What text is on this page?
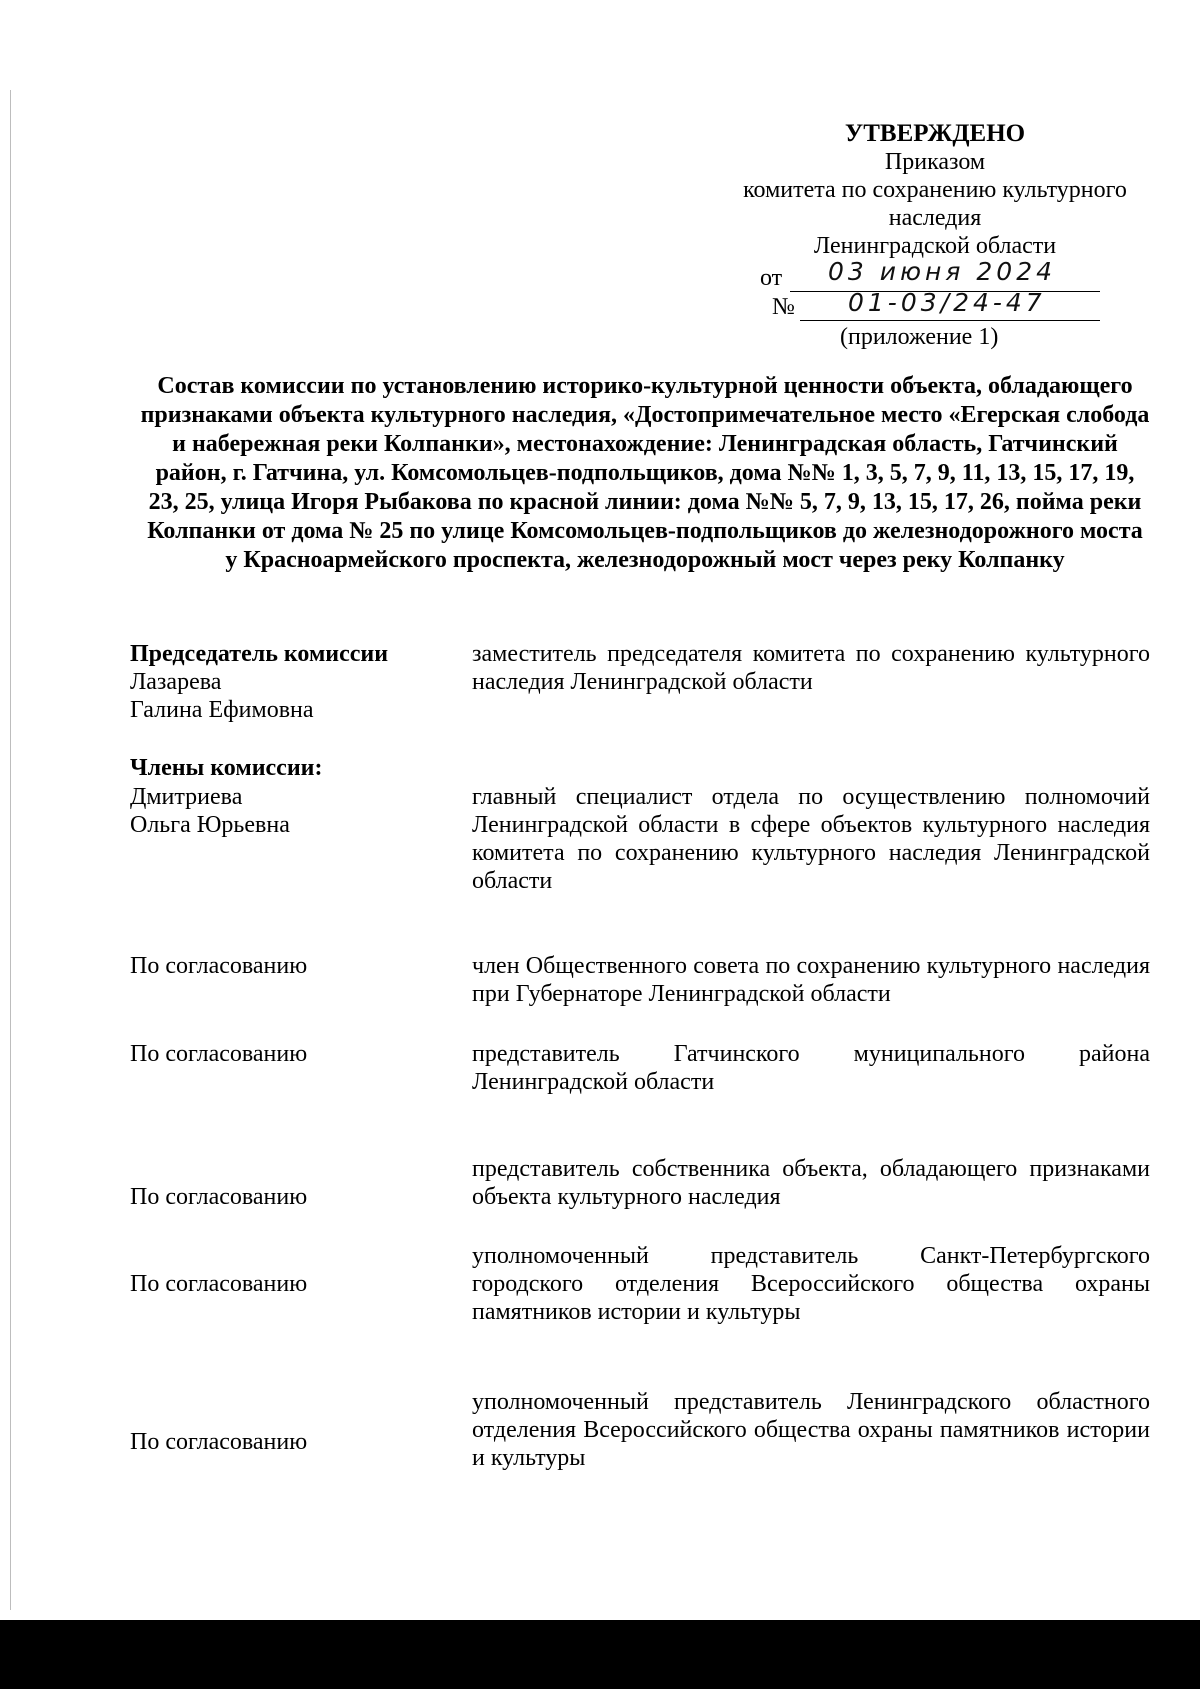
УТВЕРЖДЕНО
Приказом
комитета по сохранению культурного
наследия
Ленинградской области
от 03 июня 2024
№ 01-03/24-47
(приложение 1)
Состав комиссии по установлению историко-культурной ценности объекта, обладающего признаками объекта культурного наследия, «Достопримечательное место «Егерская слобода и набережная реки Колпанки», местонахождение: Ленинградская область, Гатчинский район, г. Гатчина, ул. Комсомольцев-подпольщиков, дома №№ 1, 3, 5, 7, 9, 11, 13, 15, 17, 19, 23, 25, улица Игоря Рыбакова по красной линии: дома №№ 5, 7, 9, 13, 15, 17, 26, пойма реки Колпанки от дома № 25 по улице Комсомольцев-подпольщиков до железнодорожного моста у Красноармейского проспекта, железнодорожный мост через реку Колпанку
Председатель комиссии
Лазарева
Галина Ефимовна
заместитель председателя комитета по сохранению культурного наследия Ленинградской области
Члены комиссии:
Дмитриева
Ольга Юрьевна
главный специалист отдела по осуществлению полномочий Ленинградской области в сфере объектов культурного наследия комитета по сохранению культурного наследия Ленинградской области
По согласованию	член Общественного совета по сохранению культурного наследия при Губернаторе Ленинградской области
По согласованию	представитель Гатчинского муниципального района Ленинградской области
По согласованию
представитель собственника объекта, обладающего признаками объекта культурного наследия
По согласованию
уполномоченный представитель Санкт-Петербургского городского отделения Всероссийского общества охраны памятников истории и культуры
По согласованию
уполномоченный представитель Ленинградского областного отделения Всероссийского общества охраны памятников истории и культуры
